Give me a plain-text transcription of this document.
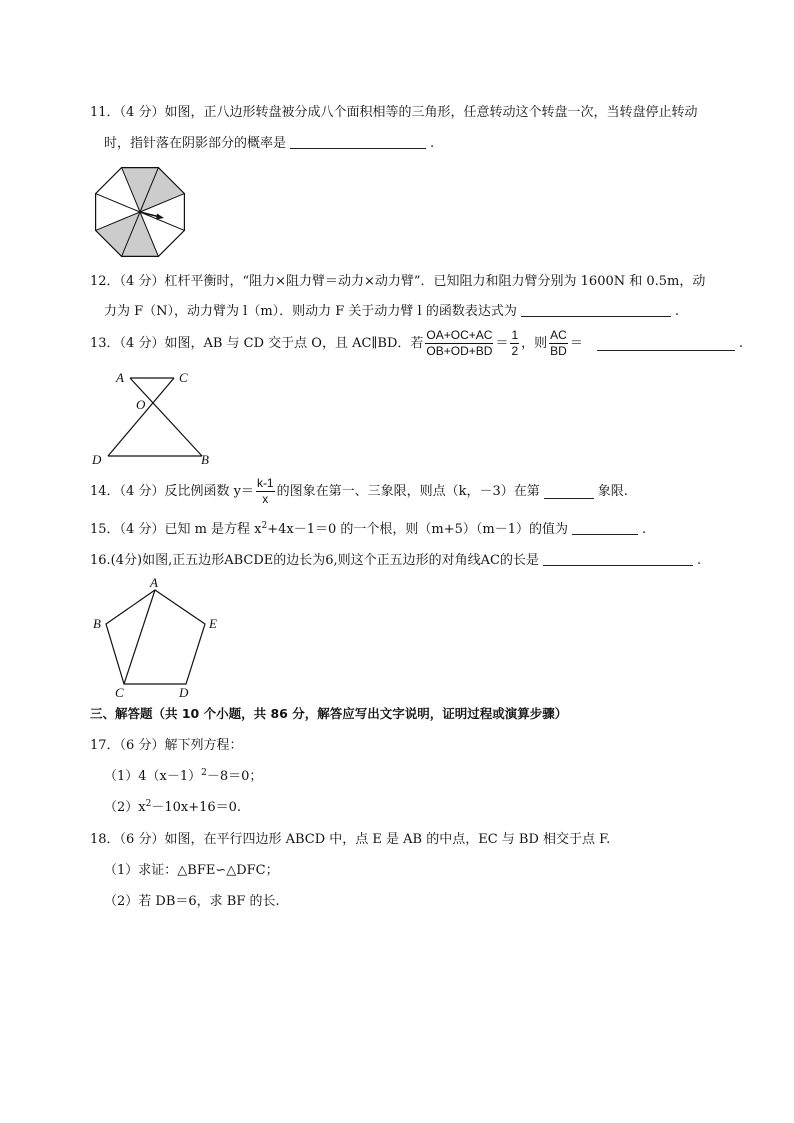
11．（4 分）如图，正八边形转盘被分成八个面积相等的三角形，任意转动这个转盘一次，当转盘停止转动
时，指针落在阴影部分的概率是	.
12．（4 分）杠杆平衡时，“阻力×阻力臂＝动力×动力臂”．已知阻力和阻力臂分别为 1600N 和 0.5m，动
力为 F（N），动力臂为 l（m）．则动力 F 关于动力臂 l 的函数表达式为	.
13．（4 分）如图，AB 与 CD 交于点 O，且 AC∥BD．若 $\frac{OA+OC+AC}{OB+OD+BD} = \frac{1}{2}$ ，则 $\frac{AC}{BD}$ ＝	.
A	C
O
D	B
14．（4 分）反比例函数 $y= \frac{k-1}{x}$ 的图象在第一、三象限，则点（k，－3）在第	象限.
15．（4 分）已知 m 是方程 $x^2+4x-1=0$ 的一个根，则（m+5）（m－1）的值为	.
16.(4分)如图,正五边形ABCDE的边长为6,则这个正五边形的对角线AC的长是	.
A
B	E
C	D
三、解答题（共 10 个小题，共 86 分，解答应写出文字说明，证明过程或演算步骤）
17．（6 分）解下列方程：
$(1)4(x-1)^2-8=0$；
$(2)x^2-10x+16=0$.
18．（6 分）如图，在平行四边形 ABCD 中，点 E 是 AB 的中点，EC 与 BD 相交于点 F.
（1）求证：△BFE∽△DFC；
（2）若 DB＝6，求 BF 的长.
